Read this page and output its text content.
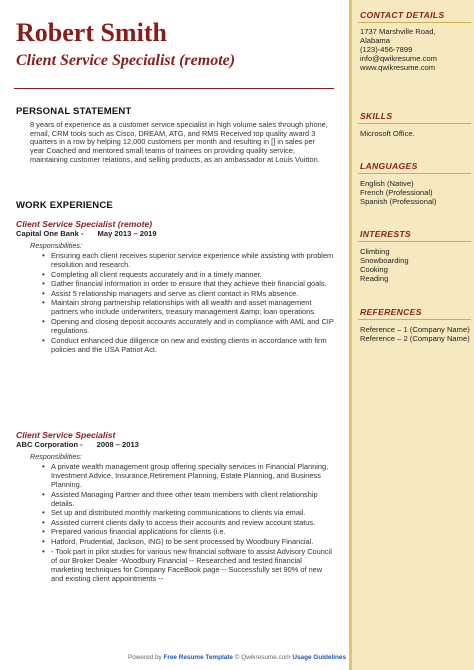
Robert Smith
Client Service Specialist (remote)
PERSONAL STATEMENT
8 years of experience as a customer service specialist in high volume sales through phone, email, CRM tools such as Cisco, DREAM, ATG, and RMS Received top quality award 3 quarters in a row by helping 12,000 customers per month and resulting in [] in sales per year Coached and mentored small teams of trainees on providing quality service, maintaining customer relations, and selling products, as an ambassador at Louis Vuitton.
WORK EXPERIENCE
Client Service Specialist (remote)
Capital One Bank - May 2013 – 2019
Responsibilities:
• Ensuring each client receives superior service experience while assisting with problem resolution and research.
• Completing all client requests accurately and in a timely manner.
• Gather financial information in order to ensure that they achieve their financial goals.
• Assist 5 relationship managers and serve as client contact in RMs absence.
• Maintain strong partnership relationships with all wealth and asset management partners who include underwriters, treasury management &amp; loan operations.
• Opening and closing deposit accounts accurately and in compliance with AML and CIP regulations.
• Conduct enhanced due diligence on new and existing clients in accordance with firm policies and the USA Patriot Act.
Client Service Specialist
ABC Corporation - 2008 – 2013
Responsibilities:
• A private wealth management group offering specialty services in Financial Planning, Investment Advice, Insurance,Retirement Planning, Estate Planning, and Business Planning.
• Assisted Managing Partner and three other team members with client relationship details.
• Set up and distributed monthly marketing communications to clients via email.
• Assisted current clients daily to access their accounts and review account status.
• Prepared various financial applications for clients (i.e.
• Hatford, Prudential, Jackson, ING) to be sent processed by Woodbury Financial.
• - Took part in pilot studies for various new financial software to assist Advisory Council of our Broker Dealer -Woodbury Financial -- Researched and tested financial marketing techniques for Company FaceBook page -- Successfully set 90% of new and existing client appointments --
CONTACT DETAILS
1737 Marshville Road,
Alabama
(123)-456-7899
info@qwikresume.com
www.qwikresume.com
SKILLS
Microsoft Office.
LANGUAGES
English (Native)
French (Professional)
Spanish (Professional)
INTERESTS
Climbing
Snowboarding
Cooking
Reading
REFERENCES
Reference – 1 (Company Name)
Reference – 2 (Company Name)
Powered by Free Resume Template © Qwikresume.com Usage Guidelines
